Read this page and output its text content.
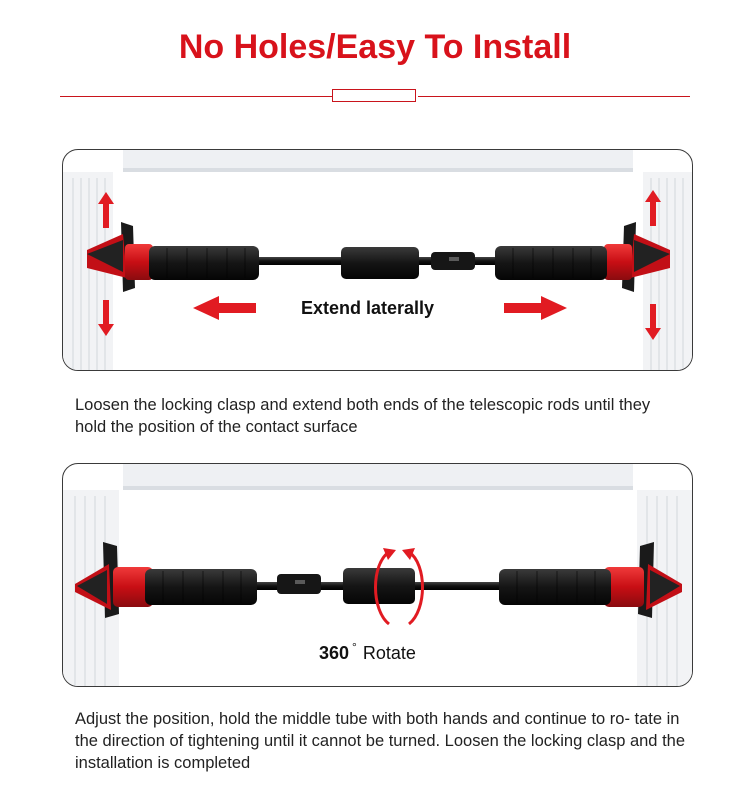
No Holes/Easy To Install
Extend laterally
Loosen the locking clasp and extend both ends of the telescopic rods until they hold the position of the contact surface
360 ° Rotate
Adjust the position, hold the middle tube with both hands and continue to ro- tate in the direction of tightening until it cannot be turned. Loosen the locking clasp and the installation is completed
